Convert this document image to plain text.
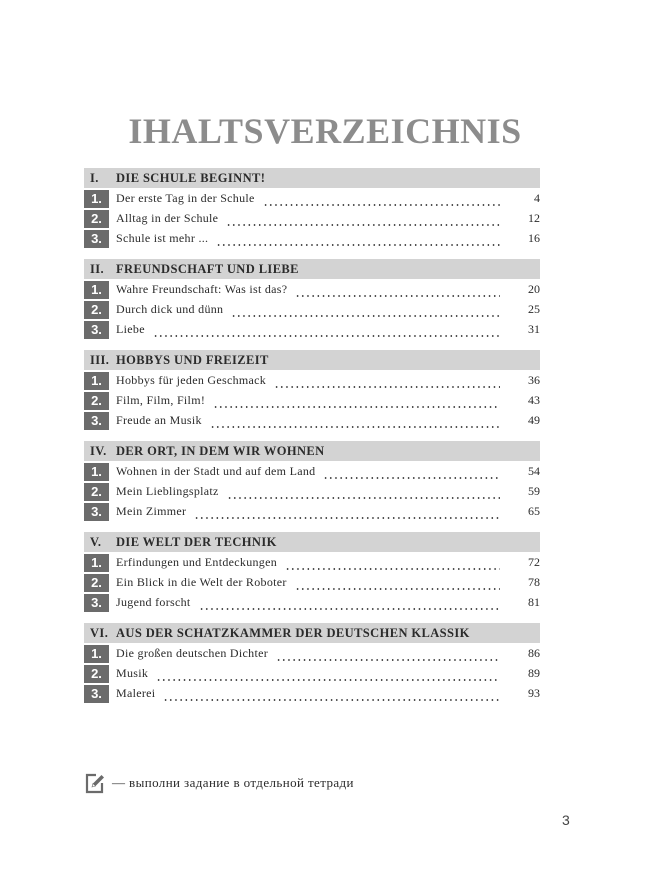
IHALTSVERZEICHNIS
I.	DIE SCHULE BEGINNT!
1.	Der erste Tag in der Schule	4
2.	Alltag in der Schule	12
3.	Schule ist mehr ...	16
II. FREUNDSCHAFT UND LIEBE
1.	Wahre Freundschaft: Was ist das?	20
2.	Durch dick und dünn	25
3.	Liebe	31
III. HOBBYS UND FREIZEIT
1.	Hobbys für jeden Geschmack	36
2.	Film, Film, Film!	43
3.	Freude an Musik	49
IV. DER ORT, IN DEM WIR WOHNEN
1.	Wohnen in der Stadt und auf dem Land	54
2.	Mein Lieblingsplatz	59
3.	Mein Zimmer	65
V.	DIE WELT DER TECHNIK
1.	Erfindungen und Entdeckungen	72
2.	Ein Blick in die Welt der Roboter	78
3.	Jugend forscht	81
VI. AUS DER SCHATZKAMMER DER DEUTSCHEN KLASSIK
1.	Die großen deutschen Dichter	86
2.	Musik	89
3.	Malerei	93
— выполни задание в отдельной тетради
3
